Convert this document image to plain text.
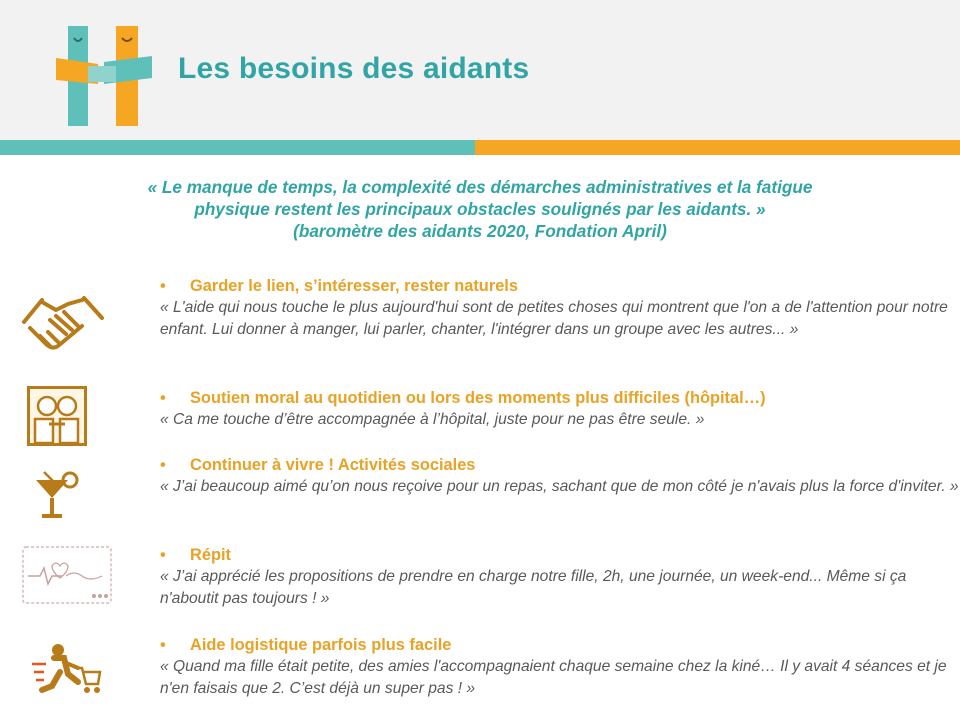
Les besoins des aidants
« Le manque de temps, la complexité des démarches administratives et la fatigue
physique restent les principaux obstacles soulignés par les aidants. »
(baromètre des aidants 2020, Fondation April)
• Garder le lien, s’intéresser, rester naturels
« L'aide qui nous touche le plus aujourd'hui sont de petites choses qui montrent que l'on a de l'attention pour notre enfant. Lui donner à manger, lui parler, chanter, l'intégrer dans un groupe avec les autres... »
• Soutien moral au quotidien ou lors des moments plus difficiles (hôpital…)
« Ca me touche d’être accompagnée à l’hôpital, juste pour ne pas être seule. »
• Continuer à vivre ! Activités sociales
« J’ai beaucoup aimé qu’on nous reçoive pour un repas, sachant que de mon côté je n'avais plus la force d'inviter. »
• Répit
« J’ai apprécié les propositions de prendre en charge notre fille, 2h, une journée, un week-end... Même si ça n'aboutit pas toujours ! »
• Aide logistique parfois plus facile
« Quand ma fille était petite, des amies l'accompagnaient chaque semaine chez la kiné… Il y avait 4 séances et je n'en faisais que 2. C’est déjà un super pas ! »
